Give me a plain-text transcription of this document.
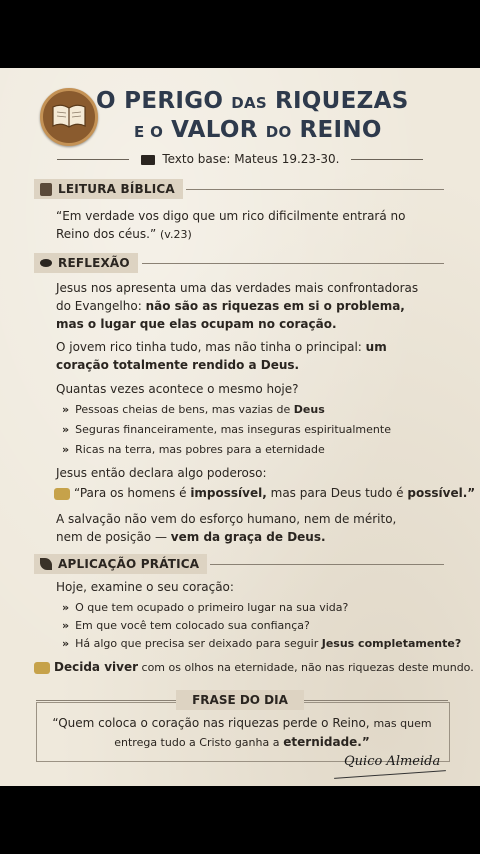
O PERIGO DAS RIQUEZAS
E O VALOR DO REINO
Texto base: Mateus 19.23-30.
LEITURA BÍBLICA
“Em verdade vos digo que um rico dificilmente entrará no Reino dos céus.” (v.23)
REFLEXÃO
Jesus nos apresenta uma das verdades mais confrontadoras do Evangelho: não são as riquezas em si o problema, mas o lugar que elas ocupam no coração.
O jovem rico tinha tudo, mas não tinha o principal: um coração totalmente rendido a Deus.
Quantas vezes acontece o mesmo hoje?
» Pessoas cheias de bens, mas vazias de Deus
» Seguras financeiramente, mas inseguras espiritualmente
» Ricas na terra, mas pobres para a eternidade
Jesus então declara algo poderoso:
“Para os homens é impossível, mas para Deus tudo é possível.”
A salvação não vem do esforço humano, nem de mérito, nem de posição — vem da graça de Deus.
APLICAÇÃO PRÁTICA
Hoje, examine o seu coração:
» O que tem ocupado o primeiro lugar na sua vida?
» Em que você tem colocado sua confiança?
» Há algo que precisa ser deixado para seguir Jesus completamente?
Decida viver com os olhos na eternidade, não nas riquezas deste mundo.
FRASE DO DIA
“Quem coloca o coração nas riquezas perde o Reino, mas quem entrega tudo a Cristo ganha a eternidade.”
Quico Almeida
